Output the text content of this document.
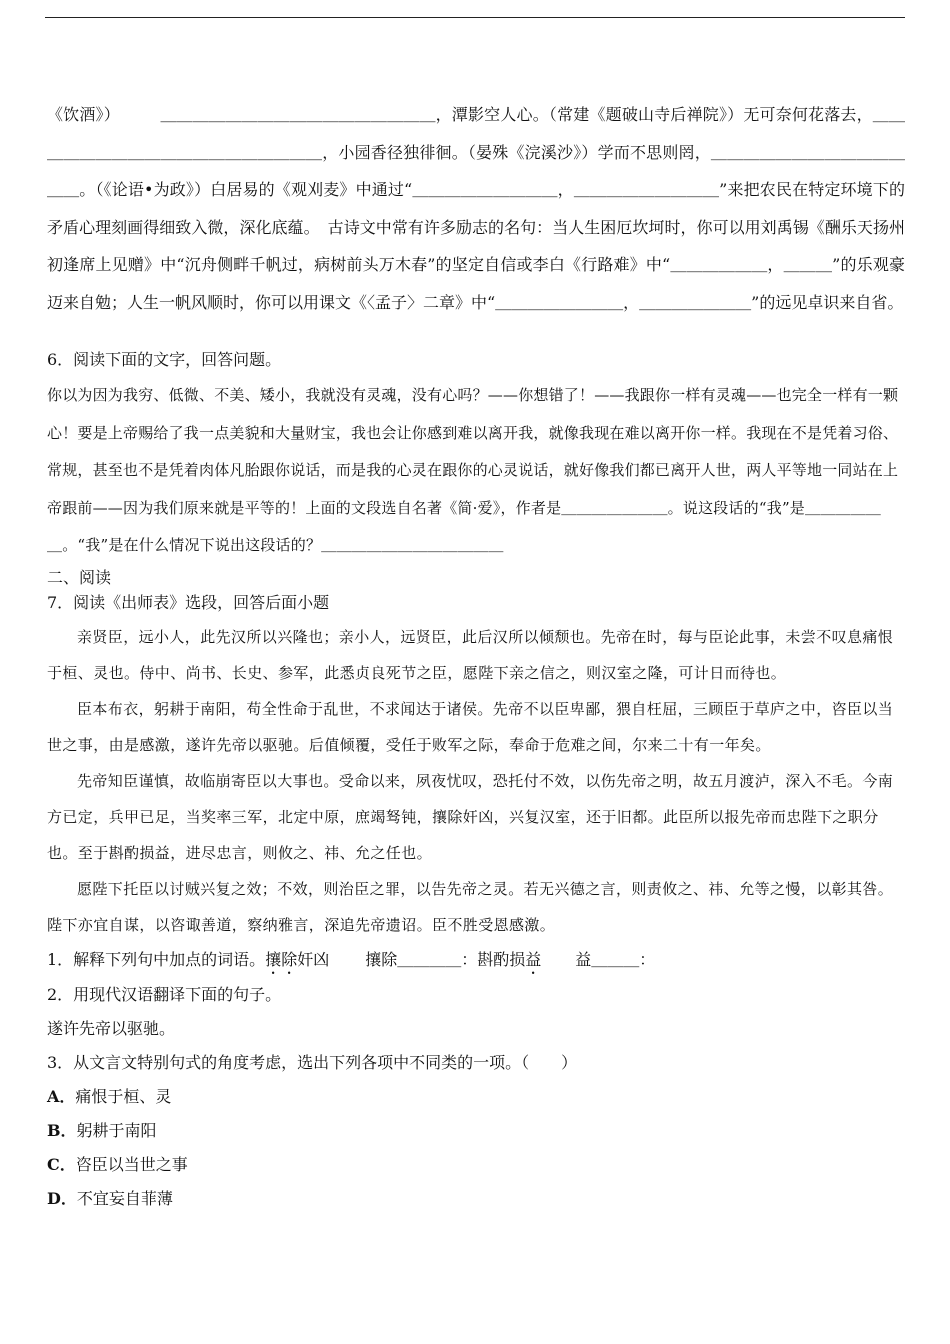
《饮酒》）　　　＿＿＿＿＿＿＿＿＿＿＿＿＿＿＿＿＿，潭影空人心。（常建《题破山寺后禅院》）无可奈何花落去，＿＿＿＿＿＿＿＿＿＿＿＿＿＿＿＿＿＿＿，小园香径独徘徊。（晏殊《浣溪沙》）学而不思则罔，＿＿＿＿＿＿＿＿＿＿＿＿＿＿。（《论语•为政》）白居易的《观刈麦》中通过“＿＿＿＿＿＿＿＿＿，＿＿＿＿＿＿＿＿＿”来把农民在特定环境下的矛盾心理刻画得细致入微，深化底蕴。　古诗文中常有许多励志的名句：当人生困厄坎坷时，你可以用刘禹锡《酬乐天扬州初逢席上见赠》中“沉舟侧畔千帆过，病树前头万木春”的坚定自信或李白《行路难》中“＿＿＿＿＿＿，＿＿＿”的乐观豪迈来自勉；人生一帆风顺时，你可以用课文《〈孟子〉二章》中“＿＿＿＿＿＿＿＿，＿＿＿＿＿＿＿”的远见卓识来自省。

6．阅读下面的文字，回答问题。

你以为因为我穷、低微、不美、矮小，我就没有灵魂，没有心吗？——你想错了！——我跟你一样有灵魂——也完全一样有一颗心！要是上帝赐给了我一点美貌和大量财宝，我也会让你感到难以离开我，就像我现在难以离开你一样。我现在不是凭着习俗、常规，甚至也不是凭着肉体凡胎跟你说话，而是我的心灵在跟你的心灵说话，就好像我们都已离开人世，两人平等地一同站在上帝跟前——因为我们原来就是平等的！上面的文段选自名著《简·爱》，作者是＿＿＿＿＿＿＿。说这段话的“我”是＿＿＿＿＿＿。“我”是在什么情况下说出这段话的？＿＿＿＿＿＿＿＿＿＿＿＿

二、阅读

7．阅读《出师表》选段，回答后面小题

亲贤臣，远小人，此先汉所以兴隆也；亲小人，远贤臣，此后汉所以倾颓也。先帝在时，每与臣论此事，未尝不叹息痛恨于桓、灵也。侍中、尚书、长史、参军，此悉贞良死节之臣，愿陛下亲之信之，则汉室之隆，可计日而待也。

臣本布衣，躬耕于南阳，苟全性命于乱世，不求闻达于诸侯。先帝不以臣卑鄙，猥自枉屈，三顾臣于草庐之中，咨臣以当世之事，由是感激，遂许先帝以驱驰。后值倾覆，受任于败军之际，奉命于危难之间，尔来二十有一年矣。

先帝知臣谨慎，故临崩寄臣以大事也。受命以来，夙夜忧叹，恐托付不效，以伤先帝之明，故五月渡泸，深入不毛。今南方已定，兵甲已足，当奖率三军，北定中原，庶竭驽钝，攘除奸凶，兴复汉室，还于旧都。此臣所以报先帝而忠陛下之职分也。至于斟酌损益，进尽忠言，则攸之、祎、允之任也。

愿陛下托臣以讨贼兴复之效；不效，则治臣之罪，以告先帝之灵。若无兴德之言，则责攸之、祎、允等之慢，以彰其咎。陛下亦宜自谋，以咨诹善道，察纳雅言，深追先帝遗诏。臣不胜受恩感激。

1．解释下列句中加点的词语。攘除奸凶 攘除＿＿＿＿：斟酌损益 益＿＿＿：

2．用现代汉语翻译下面的句子。

遂许先帝以驱驰。

3．从文言文特别句式的角度考虑，选出下列各项中不同类的一项。（　　）

A．痛恨于桓、灵

B．躬耕于南阳

C．咨臣以当世之事

D．不宜妄自菲薄
